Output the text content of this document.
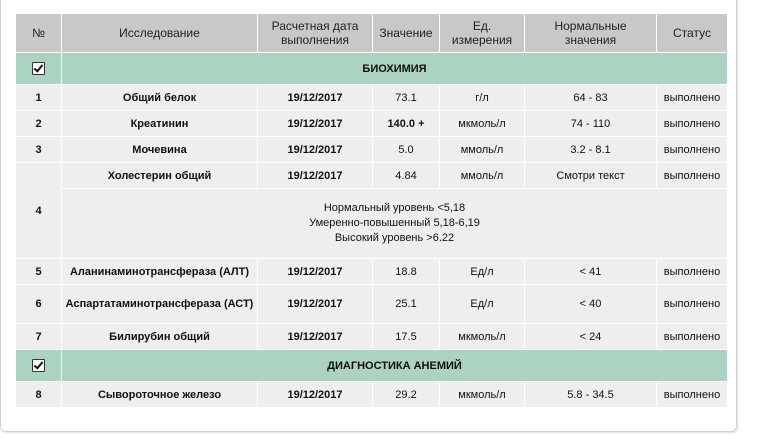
№	Исследование	Расчетная дата выполнения	Значение	Ед. измерения	Нормальные значения	Статус
	БИОХИМИЯ					
1	Общий белок	19/12/2017	73.1	г/л	64 - 83	выполнено
2	Креатинин	19/12/2017	140.0 +	мкмоль/л	74 - 110	выполнено
3	Мочевина	19/12/2017	5.0	ммоль/л	3.2 - 8.1	выполнено
4	Холестерин общий	19/12/2017	4.84	ммоль/л	Смотри текст	выполнено

	Нормальный уровень <5,18
Умеренно-повышенный 5,18-6,19
Высокий уровень >6.22					

5	Аланинаминотрансфераза (АЛТ)	19/12/2017	18.8	Ед/л	< 41	выполнено
6	Аспартатаминотрансфераза (АСТ)	19/12/2017	25.1	Ед/л	< 40	выполнено
7	Билирубин общий	19/12/2017	17.5	мкмоль/л	< 24	выполнено
	ДИАГНОСТИКА АНЕМИЙ					
8	Сывороточное железо	19/12/2017	29.2	мкмоль/л	5.8 - 34.5	выполнено
